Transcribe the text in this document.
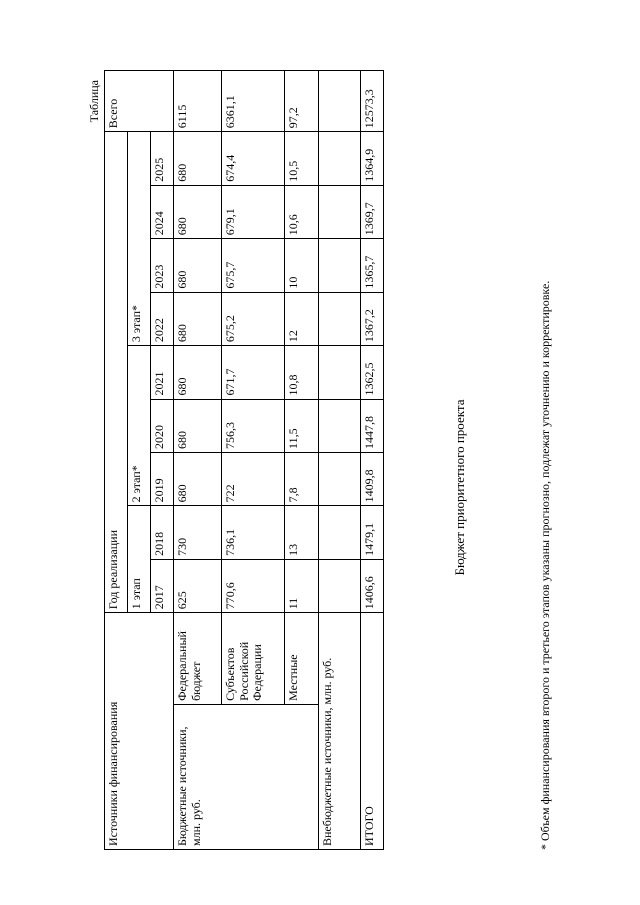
Таблица
Источники финансирования		Год реализации									Всего
		1 этап		2 этап*			3 этап*				
		2017	2018	2019	2020	2021	2022	2023	2024	2025	
Бюджетные источники, млн. руб.	Федеральный бюджет	625	730	680	680	680	680	680	680	680	6115
	Субъектов Российской Федерации	770,6	736,1	722	756,3	671,7	675,2	675,7	679,1	674,4	6361,1
	Местные	11	13	7,8	11,5	10,8	12	10	10,6	10,5	97,2
Внебюджетные источники, млн. руб.											
ИТОГО		1406,6	1479,1	1409,8	1447,8	1362,5	1367,2	1365,7	1369,7	1364,9	12573,3
Бюджет приоритетного проекта	* Объем финансирования второго и третьего этапов указаны прогнозно, подлежат уточнению и корректировке.
